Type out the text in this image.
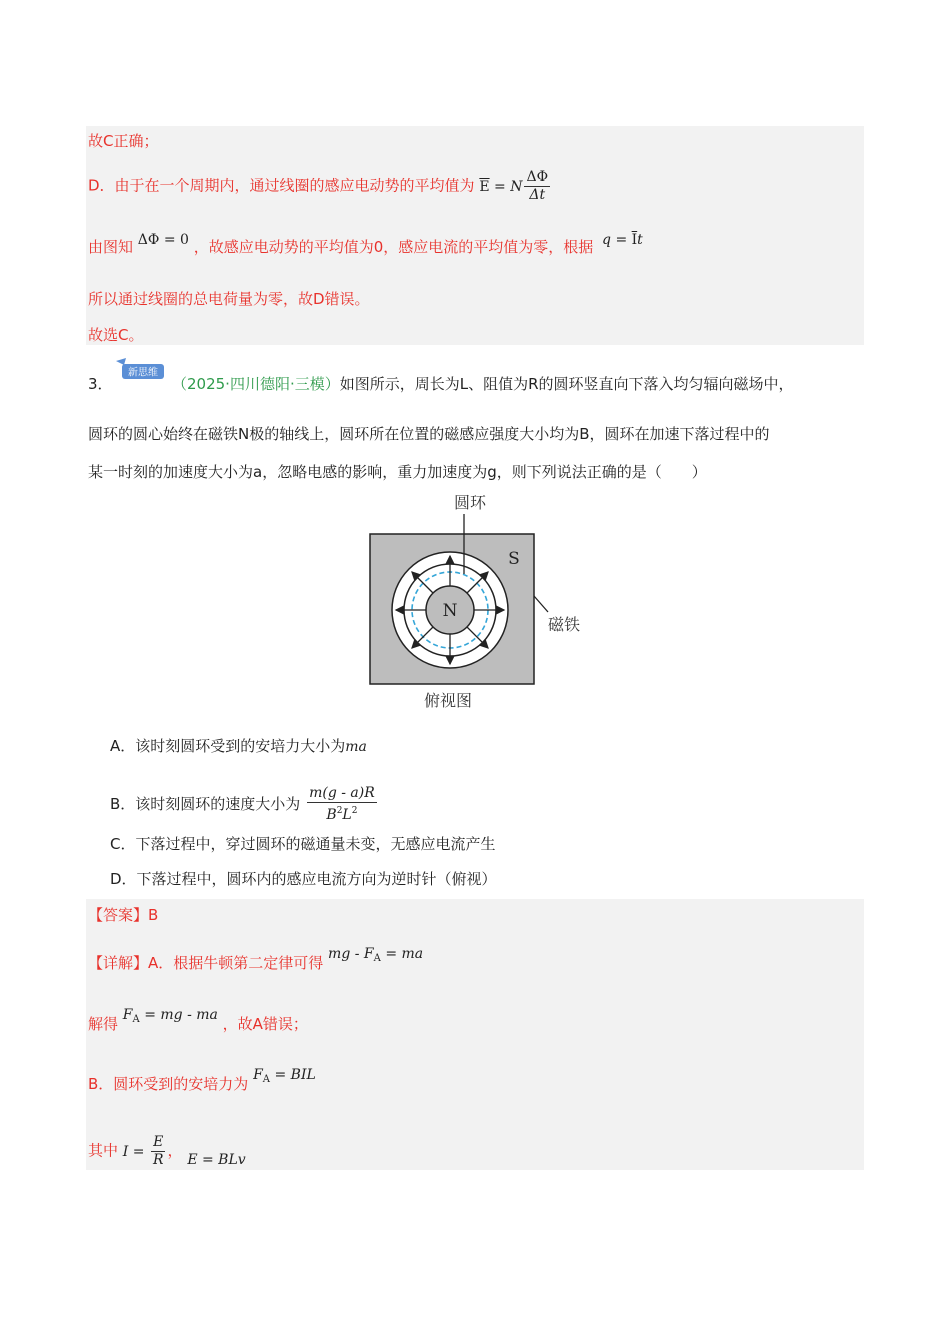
故C正确；
D．由于在一个周期内，通过线圈的感应电动势的平均值为 $\overline{E} = N \frac{\Delta\Phi}{\Delta t}$
由图知 ΔΦ = 0 ，故感应电动势的平均值为0，感应电流的平均值为零，根据 $q = \overline{I}t$
所以通过线圈的总电荷量为零，故D错误。
故选C。
3．
新思维
（2025·四川德阳·三模）如图所示，周长为L、阻值为R的圆环竖直向下落入均匀辐向磁场中，
圆环的圆心始终在磁铁N极的轴线上，圆环所在位置的磁感应强度大小均为B，圆环在加速下落过程中的
某一时刻的加速度大小为a，忽略电感的影响，重力加速度为g，则下列说法正确的是（　　）
圆环
S
N
磁铁
俯视图
A．该时刻圆环受到的安培力大小为ma
B．该时刻圆环的速度大小为 $\frac{m(g - a)R}{B^2L^2}$
C．下落过程中，穿过圆环的磁通量未变，无感应电流产生
D．下落过程中，圆环内的感应电流方向为逆时针（俯视）
【答案】B
【详解】A．根据牛顿第二定律可得 mg - $F_A$ = ma
解得 $F_A$ = mg - ma ，故A错误；
B．圆环受到的安培力为 $F_A$ = BIL
其中 $I = \frac{E}{R}$ ， E = BLv
